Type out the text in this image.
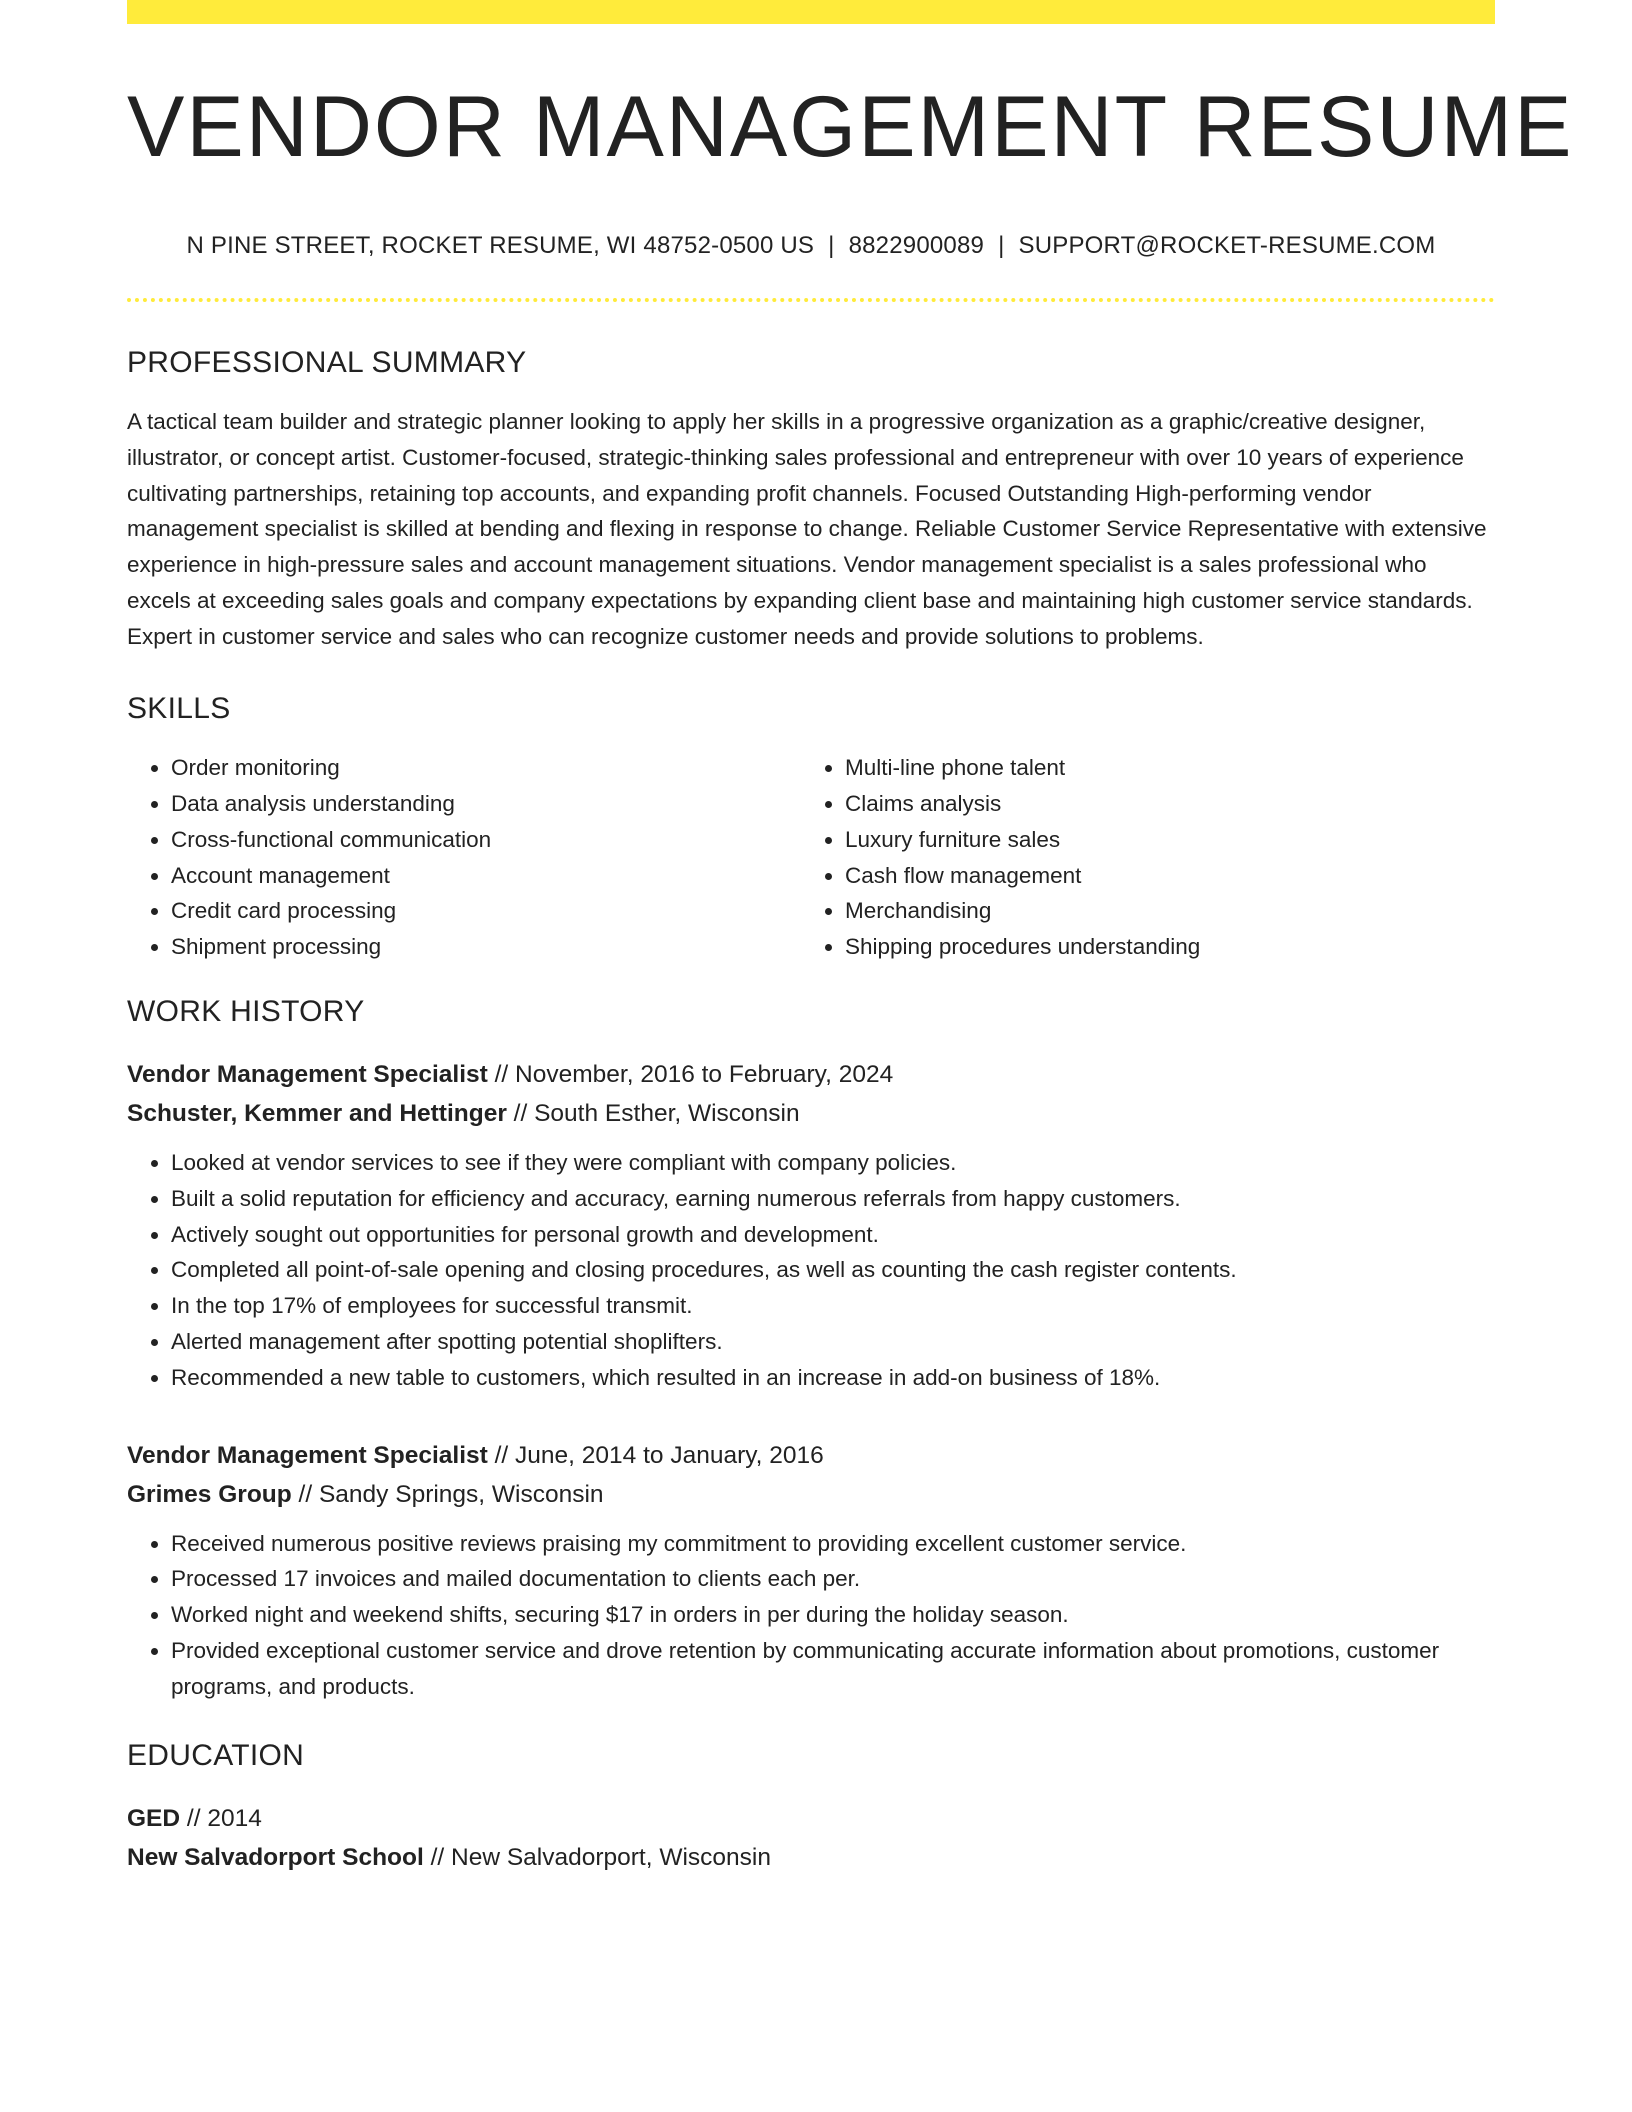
VENDOR MANAGEMENT RESUME
N PINE STREET, ROCKET RESUME, WI 48752-0500 US | 8822900089 | SUPPORT@ROCKET-RESUME.COM
PROFESSIONAL SUMMARY

A tactical team builder and strategic planner looking to apply her skills in a progressive organization as a graphic/creative designer, illustrator, or concept artist. Customer-focused, strategic-thinking sales professional and entrepreneur with over 10 years of experience cultivating partnerships, retaining top accounts, and expanding profit channels. Focused Outstanding High-performing vendor management specialist is skilled at bending and flexing in response to change. Reliable Customer Service Representative with extensive experience in high-pressure sales and account management situations. Vendor management specialist is a sales professional who excels at exceeding sales goals and company expectations by expanding client base and maintaining high customer service standards. Expert in customer service and sales who can recognize customer needs and provide solutions to problems.

SKILLS
• Order monitoring
• Data analysis understanding
• Cross-functional communication
• Account management
• Credit card processing
• Shipment processing
• Multi-line phone talent
• Claims analysis
• Luxury furniture sales
• Cash flow management
• Merchandising
• Shipping procedures understanding
WORK HISTORY
Vendor Management Specialist // November, 2016 to February, 2024
Schuster, Kemmer and Hettinger // South Esther, Wisconsin
• Looked at vendor services to see if they were compliant with company policies.
• Built a solid reputation for efficiency and accuracy, earning numerous referrals from happy customers.
• Actively sought out opportunities for personal growth and development.
• Completed all point-of-sale opening and closing procedures, as well as counting the cash register contents.
• In the top 17% of employees for successful transmit.
• Alerted management after spotting potential shoplifters.
• Recommended a new table to customers, which resulted in an increase in add-on business of 18%.
Vendor Management Specialist // June, 2014 to January, 2016
Grimes Group // Sandy Springs, Wisconsin
• Received numerous positive reviews praising my commitment to providing excellent customer service.
• Processed 17 invoices and mailed documentation to clients each per.
• Worked night and weekend shifts, securing $17 in orders in per during the holiday season.
• Provided exceptional customer service and drove retention by communicating accurate information about promotions, customer programs, and products.
EDUCATION
GED // 2014
New Salvadorport School // New Salvadorport, Wisconsin
